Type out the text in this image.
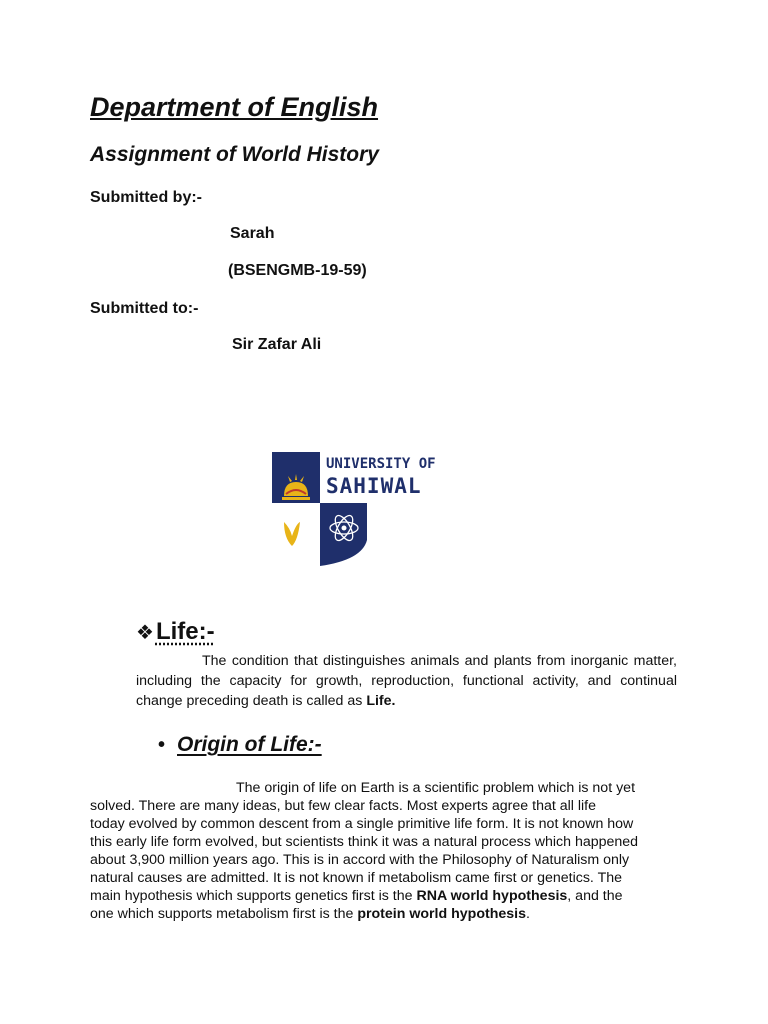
Department of English
Assignment of World History
Submitted by:-
Sarah
(BSENGMB-19-59)
Submitted to:-
Sir Zafar Ali
UNIVERSITY OF
SAHIWAL
❖ Life:-
The condition that distinguishes animals and plants from inorganic matter, including the capacity for growth, reproduction, functional activity, and continual change preceding death is called as Life.
• Origin of Life:-
The origin of life on Earth is a scientific problem which is not yet
solved. There are many ideas, but few clear facts. Most experts agree that all life
today evolved by common descent from a single primitive life form. It is not known how
this early life form evolved, but scientists think it was a natural process which happened
about 3,900 million years ago. This is in accord with the Philosophy of Naturalism only
natural causes are admitted. It is not known if metabolism came first or genetics. The
main hypothesis which supports genetics first is the RNA world hypothesis, and the
one which supports metabolism first is the protein world hypothesis.
